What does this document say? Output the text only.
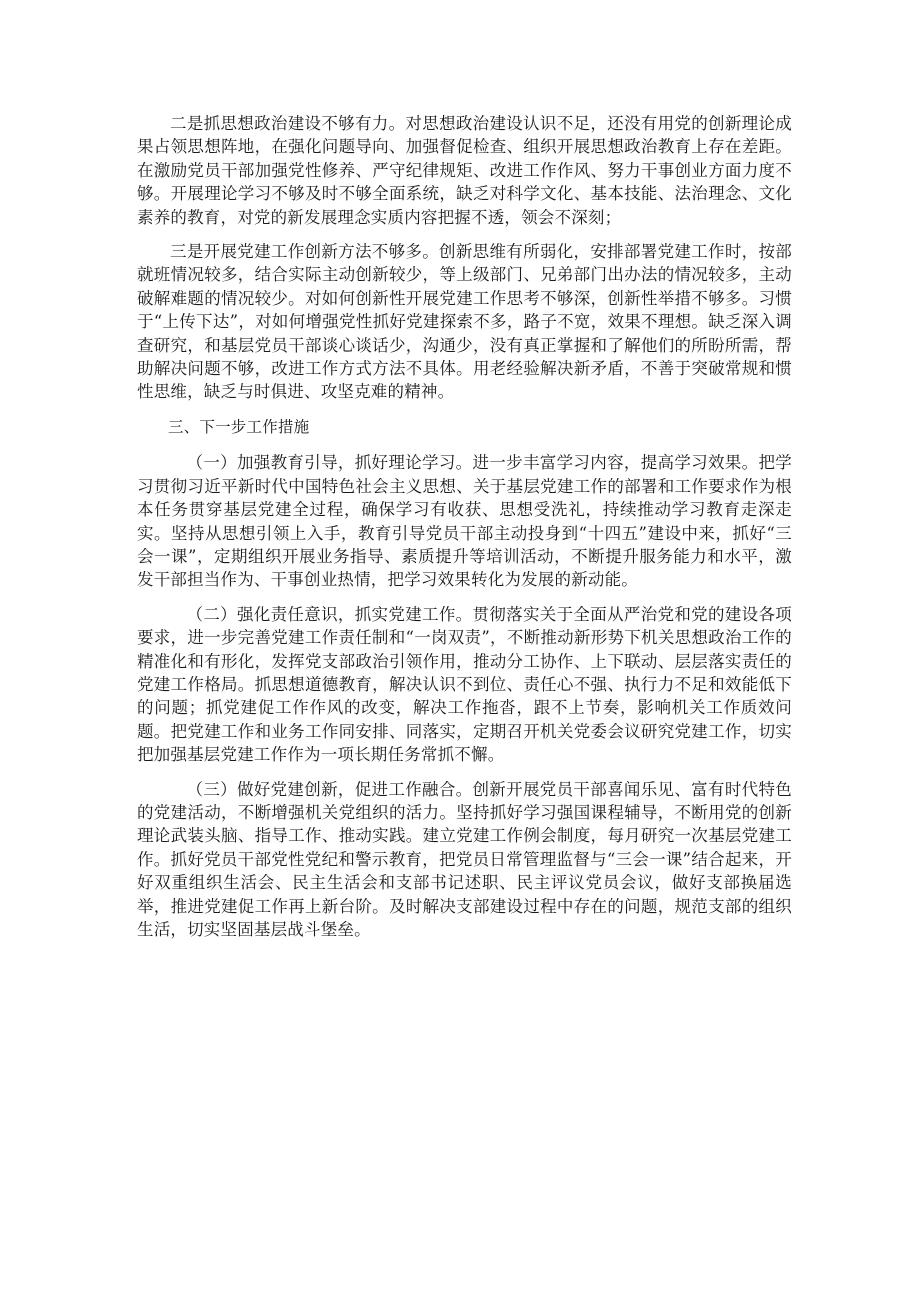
二是抓思想政治建设不够有力。对思想政治建设认识不足，还没有用党的创新理论成果占领思想阵地，在强化问题导向、加强督促检查、组织开展思想政治教育上存在差距。在激励党员干部加强党性修养、严守纪律规矩、改进工作作风、努力干事创业方面力度不够。开展理论学习不够及时不够全面系统，缺乏对科学文化、基本技能、法治理念、文化素养的教育，对党的新发展理念实质内容把握不透，领会不深刻；

三是开展党建工作创新方法不够多。创新思维有所弱化，安排部署党建工作时，按部就班情况较多，结合实际主动创新较少，等上级部门、兄弟部门出办法的情况较多，主动破解难题的情况较少。对如何创新性开展党建工作思考不够深，创新性举措不够多。习惯于“上传下达”，对如何增强党性抓好党建探索不多，路子不宽，效果不理想。缺乏深入调查研究，和基层党员干部谈心谈话少，沟通少，没有真正掌握和了解他们的所盼所需，帮助解决问题不够，改进工作方式方法不具体。用老经验解决新矛盾，不善于突破常规和惯性思维，缺乏与时俱进、攻坚克难的精神。

三、下一步工作措施

（一）加强教育引导，抓好理论学习。进一步丰富学习内容，提高学习效果。把学习贯彻习近平新时代中国特色社会主义思想、关于基层党建工作的部署和工作要求作为根本任务贯穿基层党建全过程，确保学习有收获、思想受洗礼，持续推动学习教育走深走实。坚持从思想引领上入手，教育引导党员干部主动投身到“十四五”建设中来，抓好“三会一课”，定期组织开展业务指导、素质提升等培训活动，不断提升服务能力和水平，激发干部担当作为、干事创业热情，把学习效果转化为发展的新动能。

（二）强化责任意识，抓实党建工作。贯彻落实关于全面从严治党和党的建设各项要求，进一步完善党建工作责任制和“一岗双责”，不断推动新形势下机关思想政治工作的精准化和有形化，发挥党支部政治引领作用，推动分工协作、上下联动、层层落实责任的党建工作格局。抓思想道德教育，解决认识不到位、责任心不强、执行力不足和效能低下的问题；抓党建促工作作风的改变，解决工作拖沓，跟不上节奏，影响机关工作质效问题。把党建工作和业务工作同安排、同落实，定期召开机关党委会议研究党建工作，切实把加强基层党建工作作为一项长期任务常抓不懈。

（三）做好党建创新，促进工作融合。创新开展党员干部喜闻乐见、富有时代特色的党建活动，不断增强机关党组织的活力。坚持抓好学习强国课程辅导，不断用党的创新理论武装头脑、指导工作、推动实践。建立党建工作例会制度，每月研究一次基层党建工作。抓好党员干部党性党纪和警示教育，把党员日常管理监督与“三会一课”结合起来，开好双重组织生活会、民主生活会和支部书记述职、民主评议党员会议，做好支部换届选举，推进党建促工作再上新台阶。及时解决支部建设过程中存在的问题，规范支部的组织生活，切实坚固基层战斗堡垒。
